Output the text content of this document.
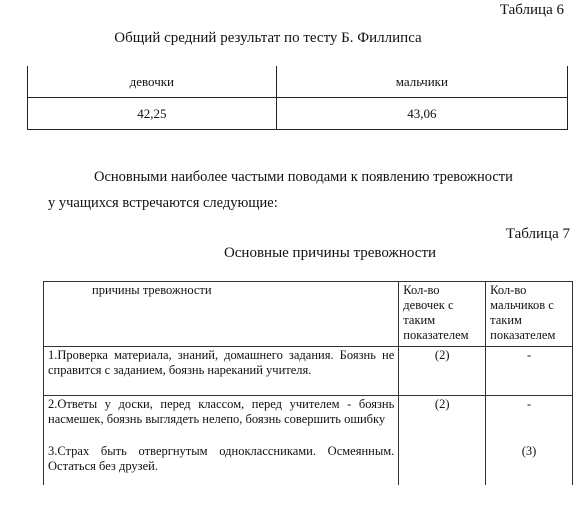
Таблица 6
Общий средний результат по тесту Б. Филлипса
девочки	мальчики
42,25	43,06
Основными наиболее частыми поводами к появлению тревожности
у учащихся встречаются следующие:
Таблица 7
Основные причины тревожности
причины тревожности	Кол-во девочек с таким показателем	Кол-во мальчиков с таким показателем
1.Проверка материала, знаний, домашнего задания. Боязнь не справится с заданием, боязнь нареканий учителя.	(2)	-
2.Ответы у доски, перед классом, перед учителем - боязнь насмешек, боязнь выглядеть нелепо, боязнь совершить ошибку	(2)	-
3.Страх быть отвергнутым одноклассниками. Осмеянным. Остаться без друзей.		(3)
